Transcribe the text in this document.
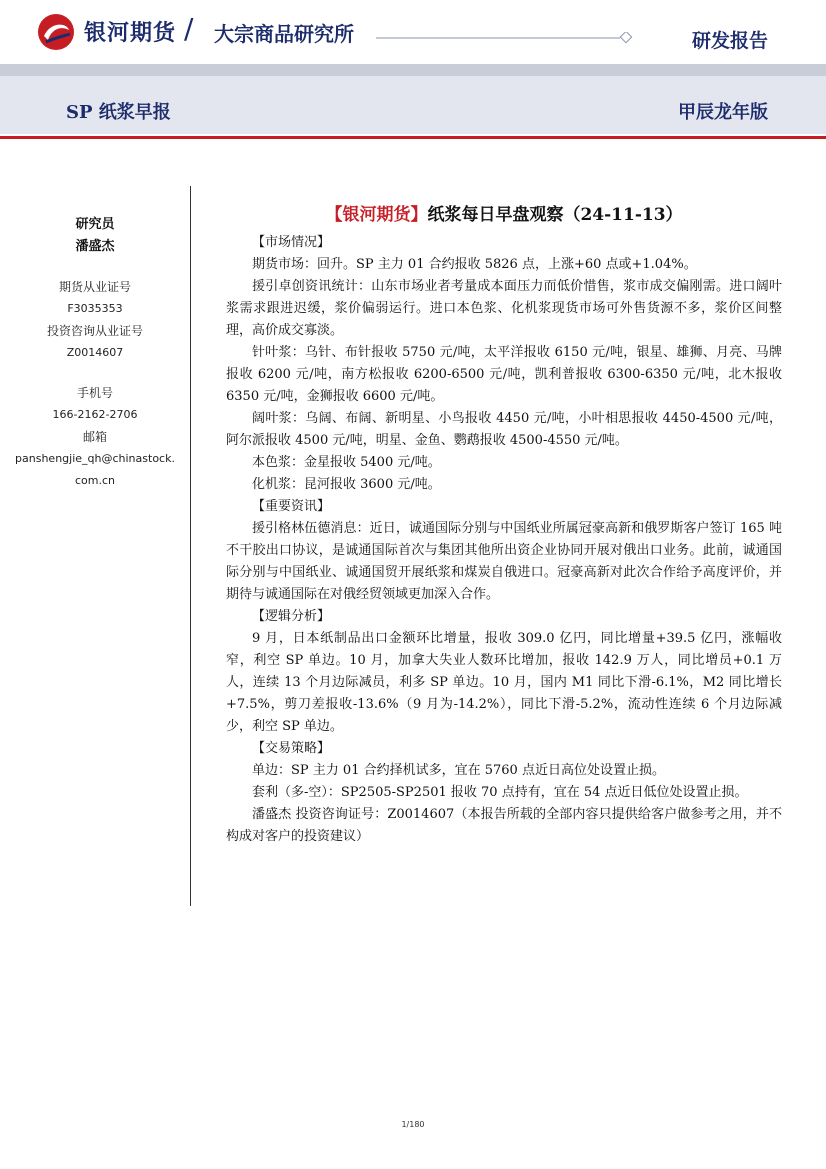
银河期货 / 大宗商品研究所	研发报告
SP 纸浆早报	甲辰龙年版
研究员
潘盛杰
期货从业证号
F3035353
投资咨询从业证号
Z0014607
手机号
166-2162-2706
邮箱
panshengjie_qh@chinastock.
com.cn
【银河期货】纸浆每日早盘观察（24-11-13）

【市场情况】

期货市场：回升。SP 主力 01 合约报收 5826 点，上涨+60 点或+1.04%。

援引卓创资讯统计：山东市场业者考量成本面压力而低价惜售，浆市成交偏刚需。进口阔叶浆需求跟进迟缓，浆价偏弱运行。进口本色浆、化机浆现货市场可外售货源不多，浆价区间整理，高价成交寡淡。

针叶浆：乌针、布针报收 5750 元/吨，太平洋报收 6150 元/吨，银星、雄狮、月亮、马牌报收 6200 元/吨，南方松报收 6200-6500 元/吨，凯利普报收 6300-6350 元/吨，北木报收 6350 元/吨，金狮报收 6600 元/吨。

阔叶浆：乌阔、布阔、新明星、小鸟报收 4450 元/吨，小叶相思报收 4450-4500 元/吨，阿尔派报收 4500 元/吨，明星、金鱼、鹦鹉报收 4500-4550 元/吨。

本色浆：金星报收 5400 元/吨。

化机浆：昆河报收 3600 元/吨。

【重要资讯】

援引格林伍德消息：近日，诚通国际分别与中国纸业所属冠豪高新和俄罗斯客户签订 165 吨不干胶出口协议，是诚通国际首次与集团其他所出资企业协同开展对俄出口业务。此前，诚通国际分别与中国纸业、诚通国贸开展纸浆和煤炭自俄进口。冠豪高新对此次合作给予高度评价，并期待与诚通国际在对俄经贸领域更加深入合作。

【逻辑分析】

9 月，日本纸制品出口金额环比增量，报收 309.0 亿円，同比增量+39.5 亿円，涨幅收窄，利空 SP 单边。10 月，加拿大失业人数环比增加，报收 142.9 万人，同比增员+0.1 万人，连续 13 个月边际减员，利多 SP 单边。10 月，国内 M1 同比下滑-6.1%，M2 同比增长+7.5%，剪刀差报收-13.6%（9 月为-14.2%），同比下滑-5.2%，流动性连续 6 个月边际减少，利空 SP 单边。

【交易策略】

单边：SP 主力 01 合约择机试多，宜在 5760 点近日高位处设置止损。

套利（多-空）：SP2505-SP2501 报收 70 点持有，宜在 54 点近日低位处设置止损。

潘盛杰 投资咨询证号：Z0014607（本报告所载的全部内容只提供给客户做参考之用，并不构成对客户的投资建议）

1/180
